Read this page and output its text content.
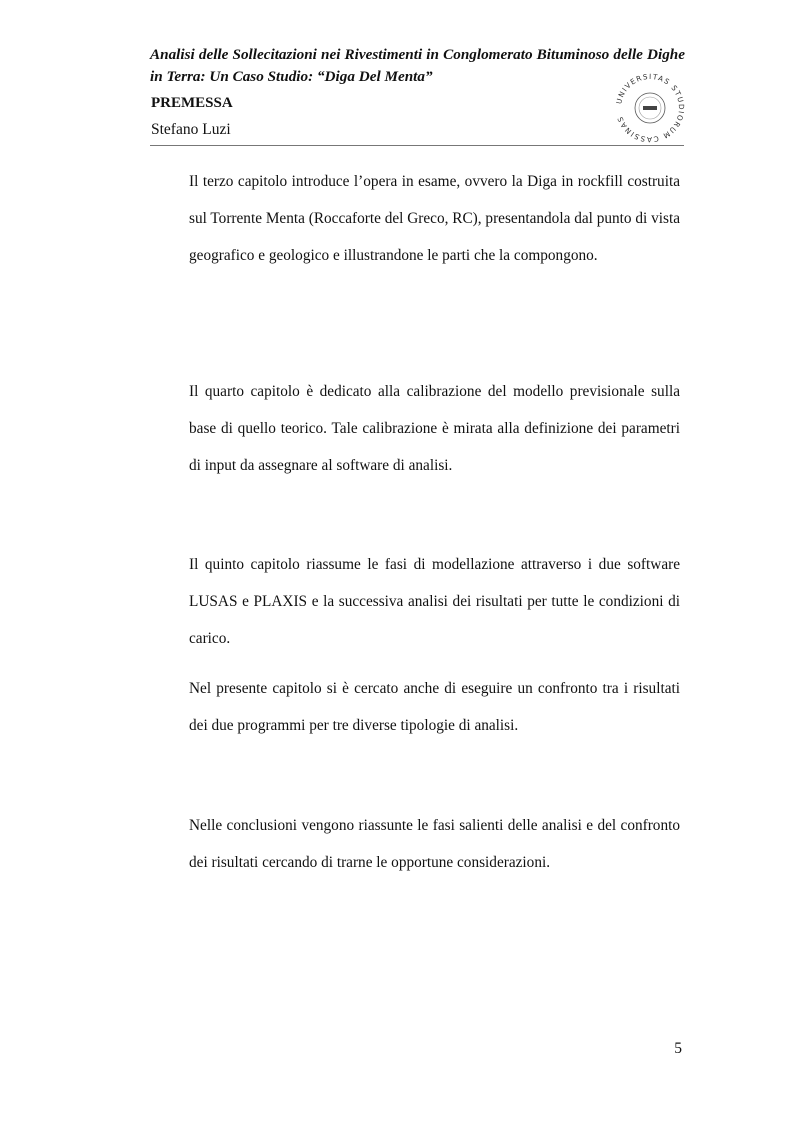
Analisi delle Sollecitazioni nei Rivestimenti in Conglomerato Bituminoso delle Dighe in Terra: Un Caso Studio: “Diga Del Menta”
PREMESSA
Stefano Luzi
UNIVERSITAS STUDIORUM CASSINAS

Il terzo capitolo introduce l’opera in esame, ovvero la Diga in rockfill costruita sul Torrente Menta (Roccaforte del Greco, RC), presentandola dal punto di vista geografico e geologico e illustrandone le parti che la compongono.

Il quarto capitolo è dedicato alla calibrazione del modello previsionale sulla base di quello teorico. Tale calibrazione è mirata alla definizione dei parametri di input da assegnare al software di analisi.

Il quinto capitolo riassume le fasi di modellazione attraverso i due software LUSAS e PLAXIS e la successiva analisi dei risultati per tutte le condizioni di carico.

Nel presente capitolo si è cercato anche di eseguire un confronto tra i risultati dei due programmi per tre diverse tipologie di analisi.

Nelle conclusioni vengono riassunte le fasi salienti delle analisi e del confronto dei risultati cercando di trarne le opportune considerazioni.

5
